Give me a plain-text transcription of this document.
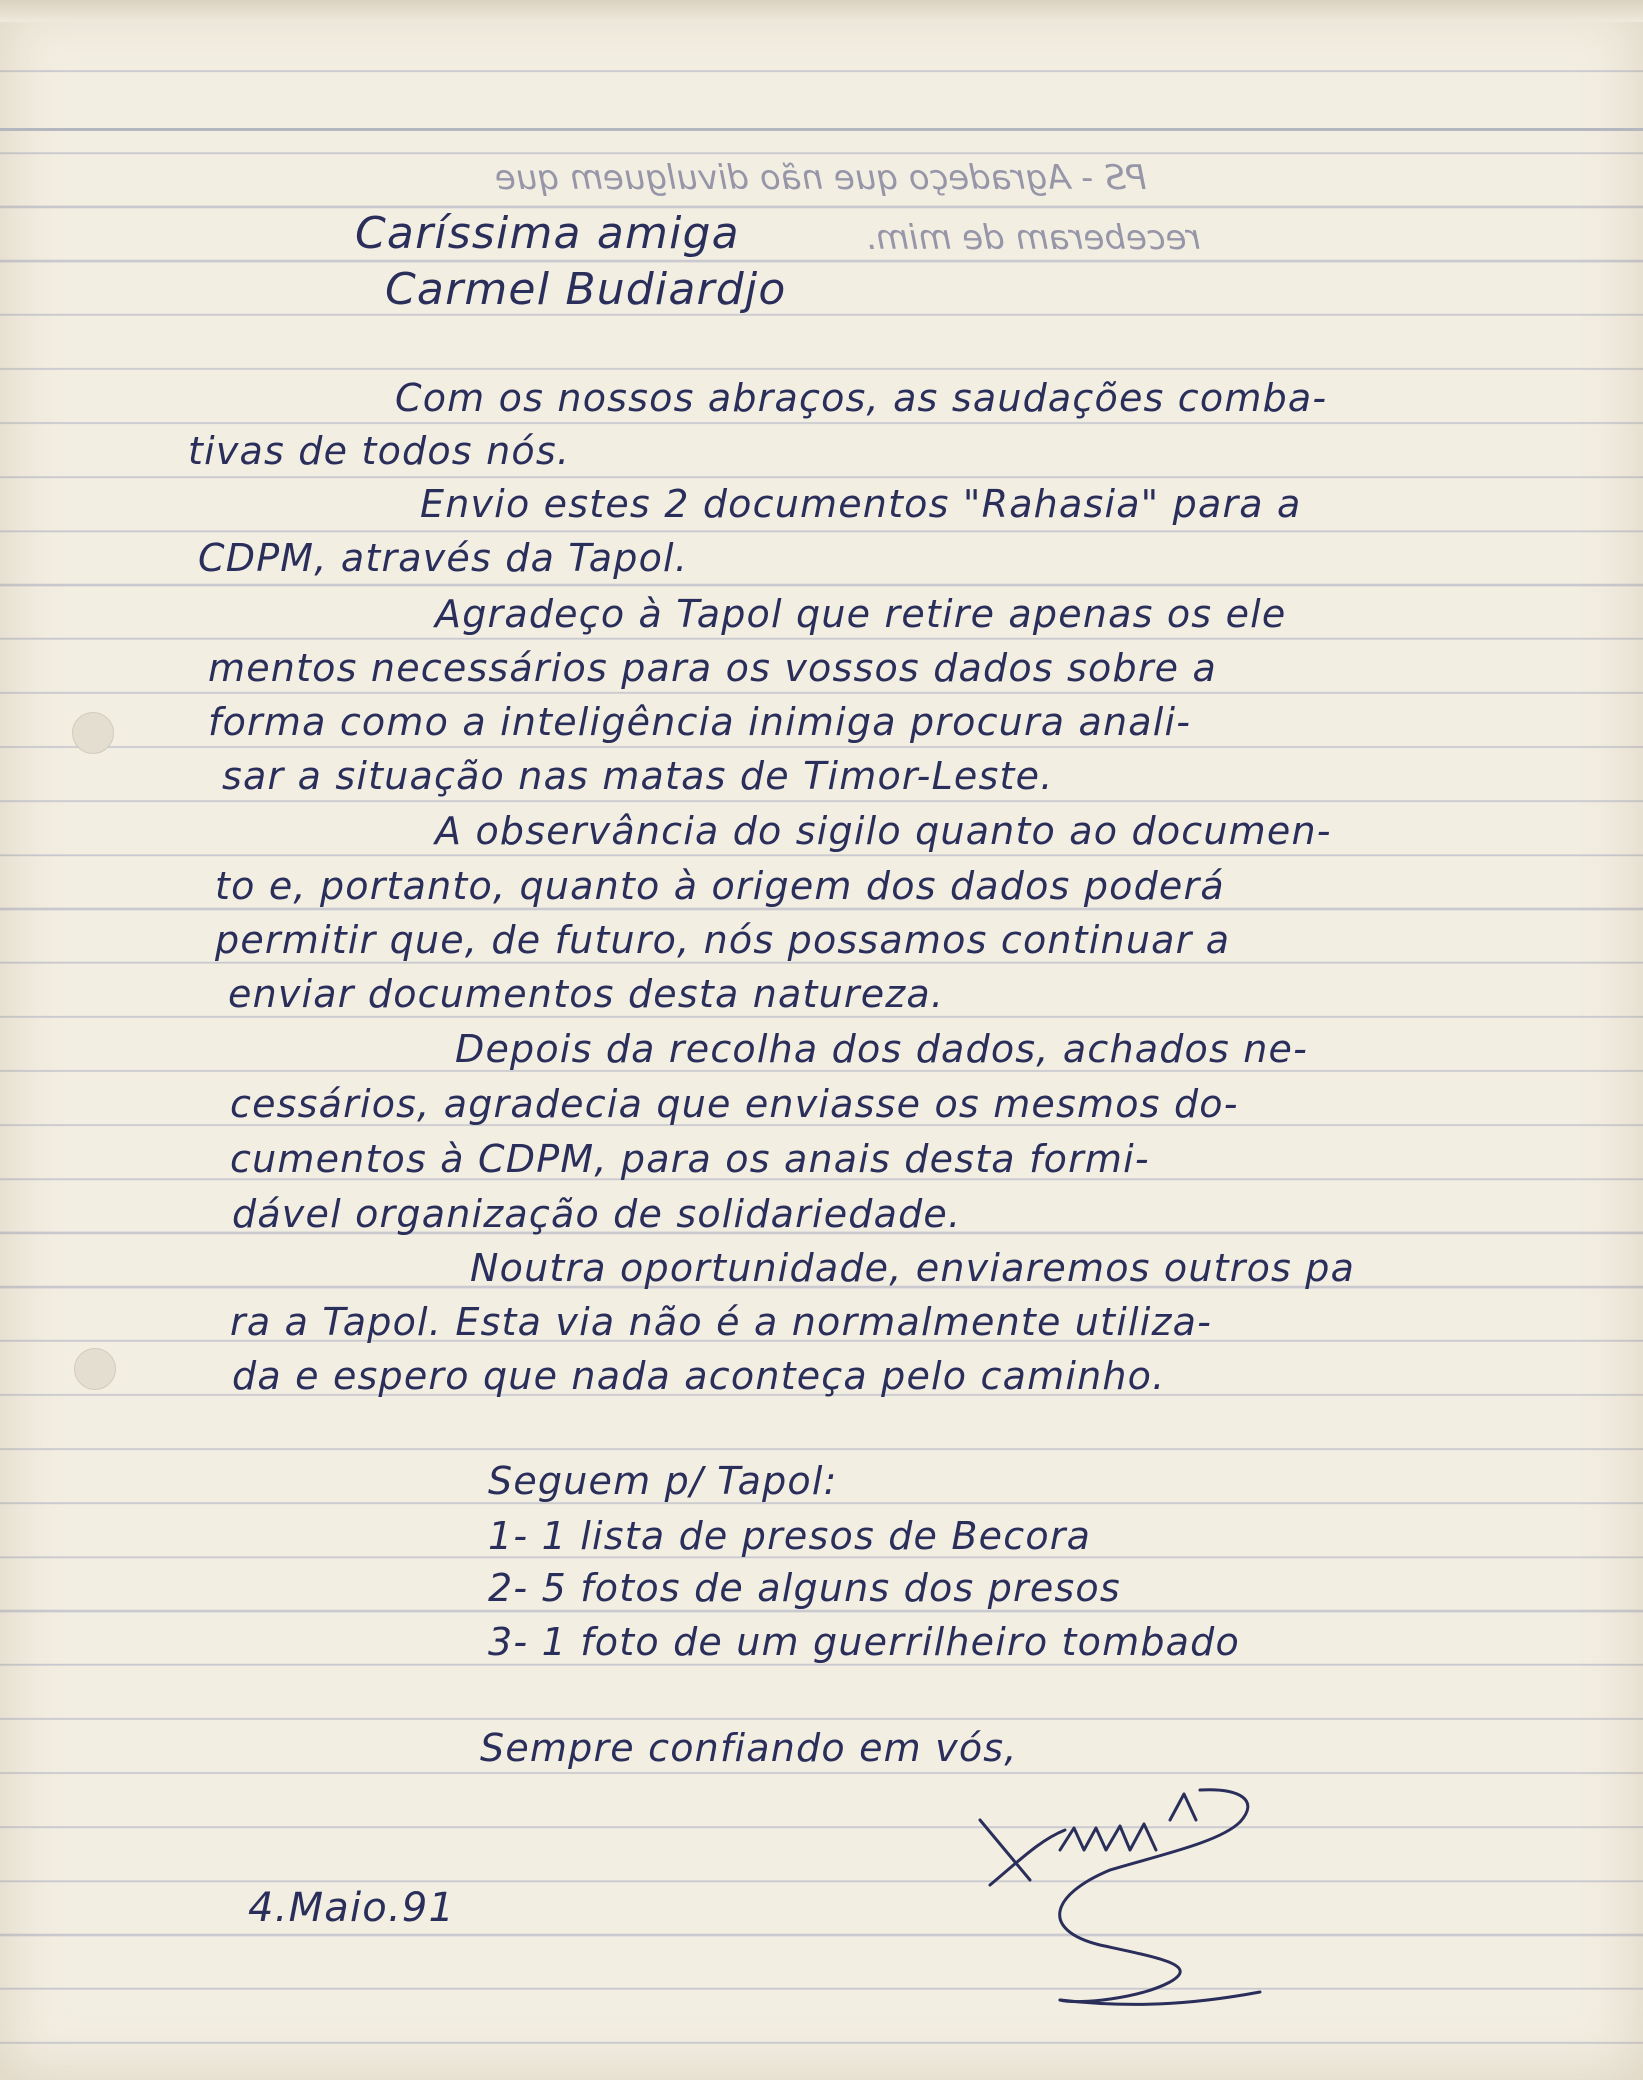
PS - Agradeço que não divulguem que
receberam de mim.
Caríssima amiga
Carmel Budiardjo
Com os nossos abraços, as saudações comba-
tivas de todos nós.
Envio estes 2 documentos "Rahasia" para a
CDPM, através da Tapol.
Agradeço à Tapol que retire apenas os ele
mentos necessários para os vossos dados sobre a
forma como a inteligência inimiga procura anali-
sar a situação nas matas de Timor-Leste.
A observância do sigilo quanto ao documen-
to e, portanto, quanto à origem dos dados poderá
permitir que, de futuro, nós possamos continuar a
enviar documentos desta natureza.
Depois da recolha dos dados, achados ne-
cessários, agradecia que enviasse os mesmos do-
cumentos à CDPM, para os anais desta formi-
dável organização de solidariedade.
Noutra oportunidade, enviaremos outros pa
ra a Tapol. Esta via não é a normalmente utiliza-
da e espero que nada aconteça pelo caminho.
Seguem p/ Tapol:
1- 1 lista de presos de Becora
2- 5 fotos de alguns dos presos
3- 1 foto de um guerrilheiro tombado
Sempre confiando em vós,
4.Maio.91
